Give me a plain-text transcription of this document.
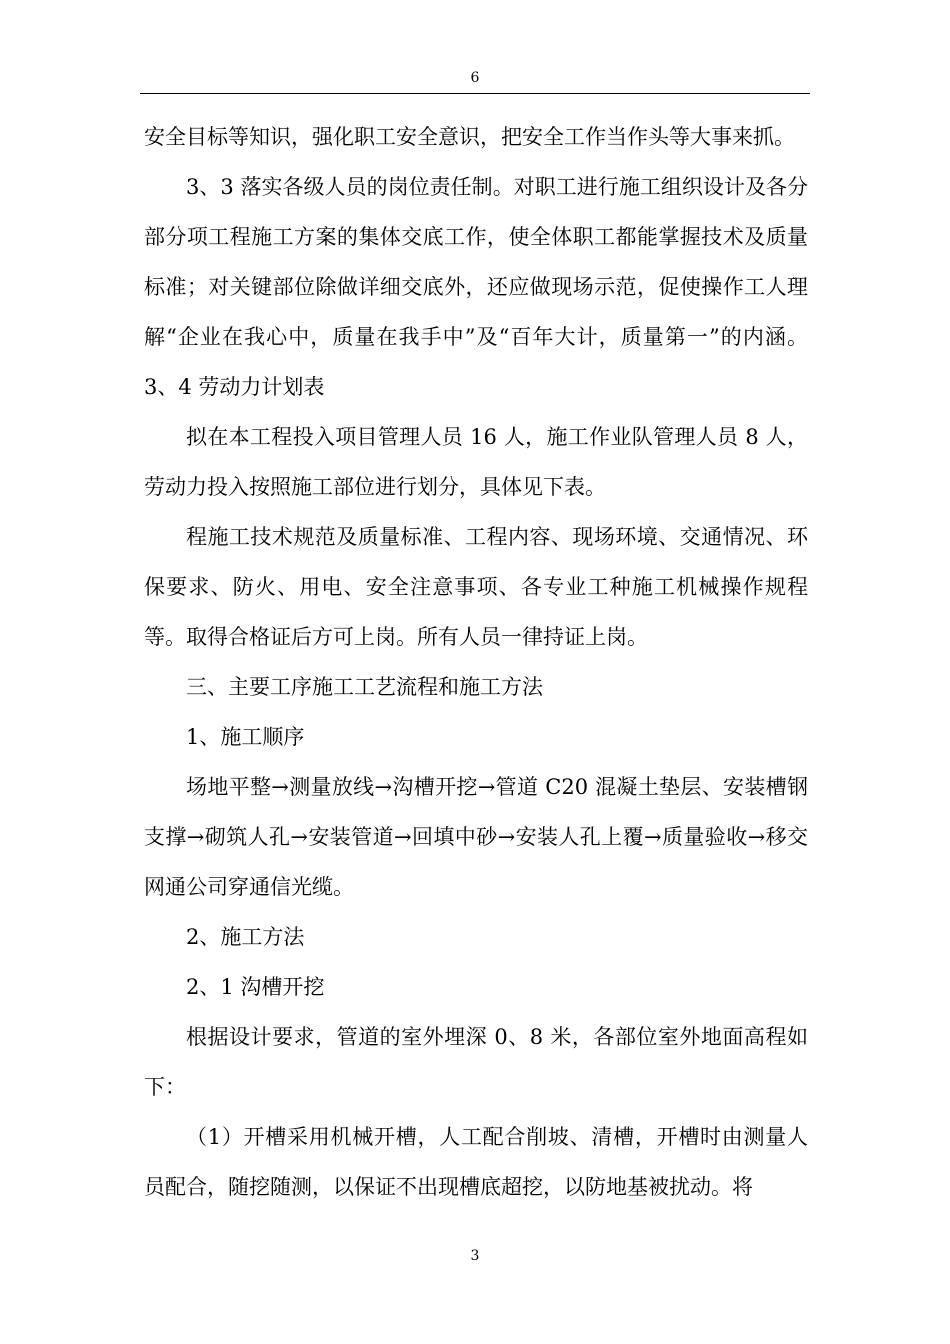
6

安全目标等知识，强化职工安全意识，把安全工作当作头等大事来抓。

3、3 落实各级人员的岗位责任制。对职工进行施工组织设计及各分部分项工程施工方案的集体交底工作，使全体职工都能掌握技术及质量标准；对关键部位除做详细交底外，还应做现场示范，促使操作工人理解“企业在我心中，质量在我手中”及“百年大计，质量第一”的内涵。3、4 劳动力计划表

拟在本工程投入项目管理人员 16 人，施工作业队管理人员 8 人，劳动力投入按照施工部位进行划分，具体见下表。

程施工技术规范及质量标准、工程内容、现场环境、交通情况、环保要求、防火、用电、安全注意事项、各专业工种施工机械操作规程等。取得合格证后方可上岗。所有人员一律持证上岗。

三、主要工序施工工艺流程和施工方法

1、施工顺序

场地平整→测量放线→沟槽开挖→管道 C20 混凝土垫层、安装槽钢支撑→砌筑人孔→安装管道→回填中砂→安装人孔上覆→质量验收→移交网通公司穿通信光缆。

2、施工方法

2、1 沟槽开挖

根据设计要求，管道的室外埋深 0、8 米，各部位室外地面高程如下：

（1）开槽采用机械开槽，人工配合削坡、清槽，开槽时由测量人员配合，随挖随测，以保证不出现槽底超挖，以防地基被扰动。将

3
